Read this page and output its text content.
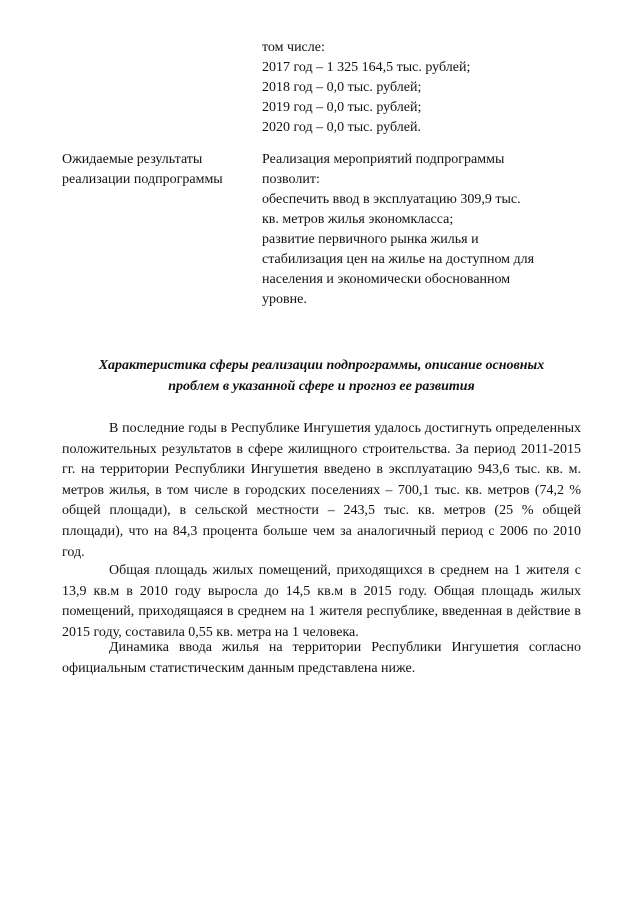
том числе:
2017 год – 1 325 164,5 тыс. рублей;
2018 год – 0,0 тыс. рублей;
2019 год – 0,0 тыс. рублей;
2020 год – 0,0 тыс. рублей.
Ожидаемые результаты
реализации подпрограммы
Реализация мероприятий подпрограммы
позволит:
обеспечить ввод в эксплуатацию 309,9 тыс.
кв. метров жилья экономкласса;
развитие первичного рынка жилья и
стабилизация цен на жилье на доступном для
населения и экономически обоснованном
уровне.
Характеристика сферы реализации подпрограммы, описание основных
проблем в указанной сфере и прогноз ее развития
В последние годы в Республике Ингушетия удалось достигнуть определенных положительных результатов в сфере жилищного строительства. За период 2011-2015 гг. на территории Республики Ингушетия введено в эксплуатацию 943,6 тыс. кв. м. метров жилья, в том числе в городских поселениях – 700,1 тыс. кв. метров (74,2 % общей площади), в сельской местности – 243,5 тыс. кв. метров (25 % общей площади), что на 84,3 процента больше чем за аналогичный период с 2006 по 2010 год.
Общая площадь жилых помещений, приходящихся в среднем на 1 жителя с 13,9 кв.м в 2010 году выросла до 14,5 кв.м в 2015 году. Общая площадь жилых помещений, приходящаяся в среднем на 1 жителя республике, введенная в действие в 2015 году, составила 0,55 кв. метра на 1 человека.
Динамика ввода жилья на территории Республики Ингушетия согласно официальным статистическим данным представлена ниже.
